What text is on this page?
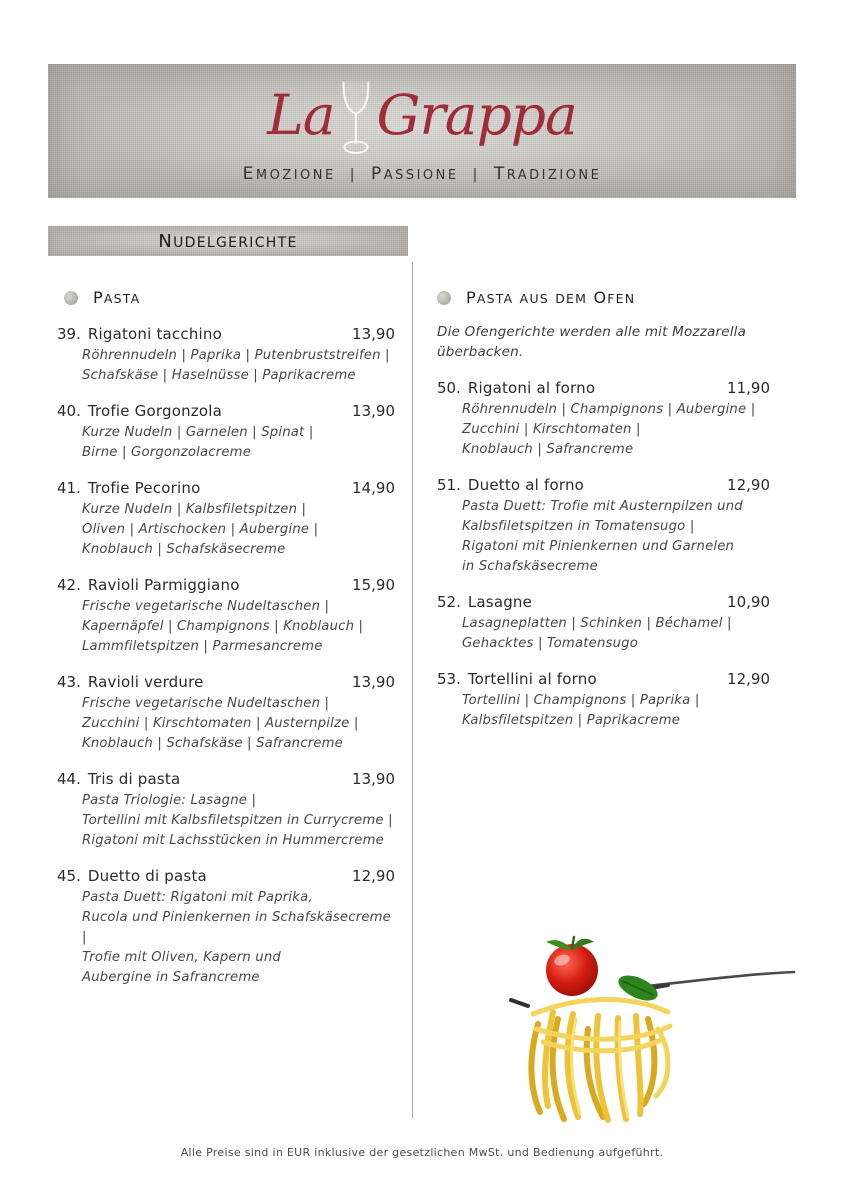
La Grappa
EMOZIONE | PASSIONE | TRADIZIONE
NUDELGERICHTE
PASTA
39. Rigatoni tacchino	13,90
Röhrennudeln | Paprika | Putenbruststreifen |
Schafskäse | Haselnüsse | Paprikacreme
40. Trofie Gorgonzola	13,90
Kurze Nudeln | Garnelen | Spinat |
Birne | Gorgonzolacreme
41. Trofie Pecorino	14,90
Kurze Nudeln | Kalbsfiletspitzen |
Oliven | Artischocken | Aubergine |
Knoblauch | Schafskäsecreme
42. Ravioli Parmiggiano	15,90
Frische vegetarische Nudeltaschen |
Kapernäpfel | Champignons | Knoblauch |
Lammfiletspitzen | Parmesancreme
43. Ravioli verdure	13,90
Frische vegetarische Nudeltaschen |
Zucchini | Kirschtomaten | Austernpilze |
Knoblauch | Schafskäse | Safrancreme
44. Tris di pasta	13,90
Pasta Triologie: Lasagne |
Tortellini mit Kalbsfiletspitzen in Currycreme |
Rigatoni mit Lachsstücken in Hummercreme
45. Duetto di pasta	12,90
Pasta Duett: Rigatoni mit Paprika,
Rucola und Pinienkernen in Schafskäsecreme |
Trofie mit Oliven, Kapern und
Aubergine in Safrancreme
PASTA AUS DEM OFEN
Die Ofengerichte werden alle mit Mozzarella überbacken.
50. Rigatoni al forno	11,90
Röhrennudeln | Champignons | Aubergine |
Zucchini | Kirschtomaten |
Knoblauch | Safrancreme
51. Duetto al forno	12,90
Pasta Duett: Trofie mit Austernpilzen und
Kalbsfiletspitzen in Tomatensugo |
Rigatoni mit Pinienkernen und Garnelen
in Schafskäsecreme
52. Lasagne	10,90
Lasagneplatten | Schinken | Béchamel |
Gehacktes | Tomatensugo
53. Tortellini al forno	12,90
Tortellini | Champignons | Paprika |
Kalbsfiletspitzen | Paprikacreme
Alle Preise sind in EUR inklusive der gesetzlichen MwSt. und Bedienung aufgeführt.
